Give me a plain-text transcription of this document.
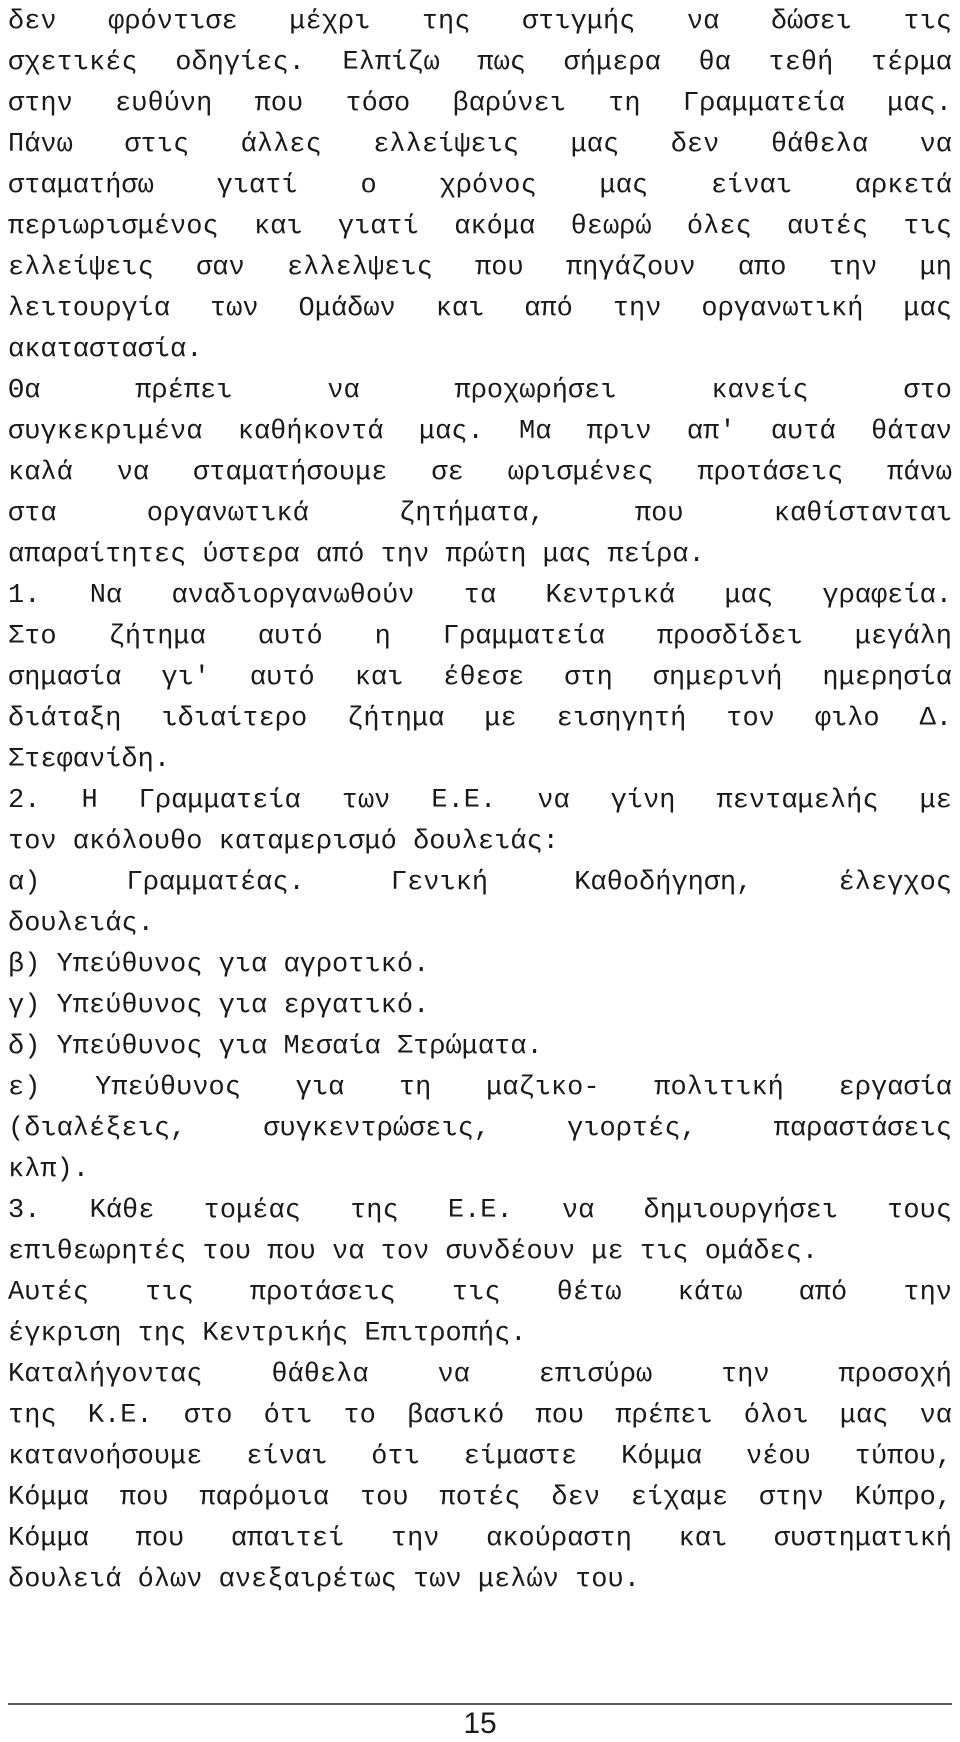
δεν φρόντισε μέχρι της στιγμής να δώσει τις
σχετικές οδηγίες. Ελπίζω πως σήμερα θα τεθή τέρμα
στην ευθύνη που τόσο βαρύνει τη Γραμματεία μας.
Πάνω στις άλλες ελλείψεις μας δεν θάθελα να
σταματήσω γιατί ο χρόνος μας είναι αρκετά
περιωρισμένος και γιατί ακόμα θεωρώ όλες αυτές τις
ελλείψεις σαν ελλελψεις που πηγάζουν απο την μη
λειτουργία των Ομάδων και από την οργανωτική μας
ακαταστασία.
Θα πρέπει να προχωρήσει κανείς στο
συγκεκριμένα καθήκοντά μας. Μα πριν απ' αυτά θάταν
καλά να σταματήσουμε σε ωρισμένες προτάσεις πάνω
στα οργανωτικά ζητήματα, που καθίστανται
απαραίτητες ύστερα από την πρώτη μας πείρα.
1. Να αναδιοργανωθούν τα Κεντρικά μας γραφεία.
Στο ζήτημα αυτό η Γραμματεία προσδίδει μεγάλη
σημασία γι' αυτό και έθεσε στη σημερινή ημερησία
διάταξη ιδιαίτερο ζήτημα με εισηγητή τον φιλο Δ.
Στεφανίδη.
2. Η Γραμματεία των Ε.Ε. να γίνη πενταμελής με
τον ακόλουθο καταμερισμό δουλειάς:
α) Γραμματέας. Γενική Καθοδήγηση, έλεγχος
δουλειάς.
β) Υπεύθυνος για αγροτικό.
γ) Υπεύθυνος για εργατικό.
δ) Υπεύθυνος για Μεσαία Στρώματα.
ε) Υπεύθυνος για τη μαζικο- πολιτική εργασία
(διαλέξεις, συγκεντρώσεις, γιορτές, παραστάσεις
κλπ).
3. Κάθε τομέας της Ε.Ε. να δημιουργήσει τους
επιθεωρητές του που να τον συνδέουν με τις ομάδες.
Αυτές τις προτάσεις τις θέτω κάτω από την
έγκριση της Κεντρικής Επιτροπής.
Καταλήγοντας θάθελα να επισύρω την προσοχή
της Κ.Ε. στο ότι το βασικό που πρέπει όλοι μας να
κατανοήσουμε είναι ότι είμαστε Κόμμα νέου τύπου,
Κόμμα που παρόμοια του ποτές δεν είχαμε στην Κύπρο,
Κόμμα που απαιτεί την ακούραστη και συστηματική
δουλειά όλων ανεξαιρέτως των μελών του.
15
